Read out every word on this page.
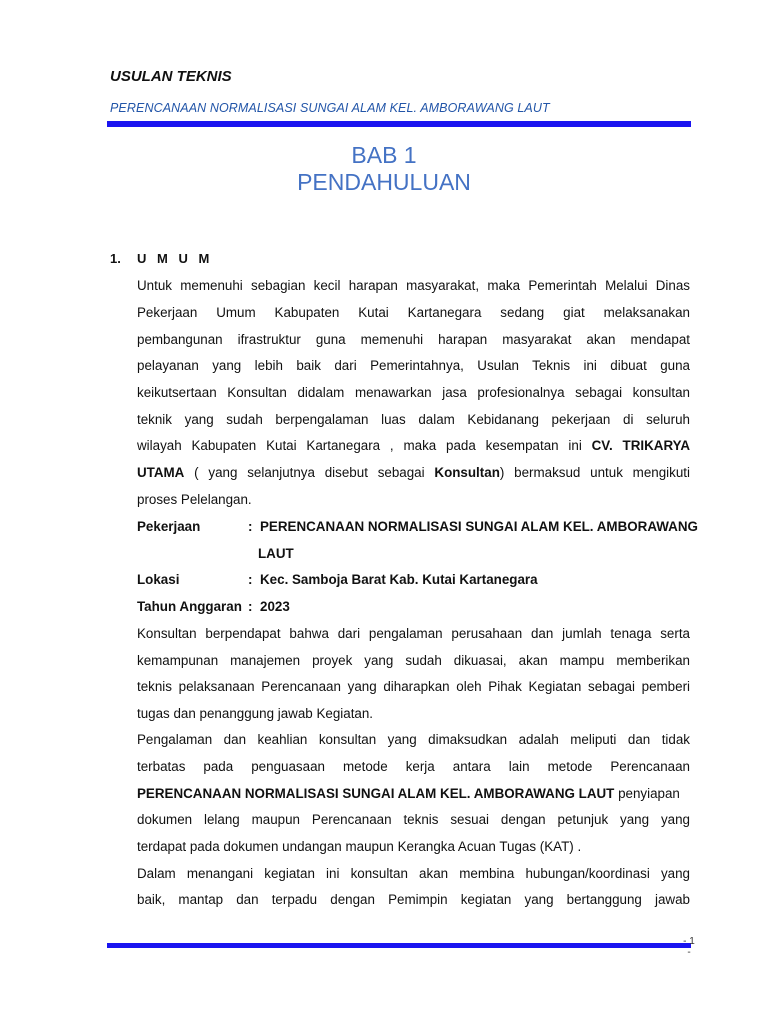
USULAN TEKNIS
PERENCANAAN NORMALISASI SUNGAI ALAM KEL. AMBORAWANG LAUT
BAB 1
PENDAHULUAN
1. U M U M
Untuk memenuhi sebagian kecil harapan masyarakat, maka Pemerintah Melalui Dinas
Pekerjaan Umum Kabupaten Kutai Kartanegara sedang giat melaksanakan
pembangunan ifrastruktur guna memenuhi harapan masyarakat akan mendapat
pelayanan yang lebih baik dari Pemerintahnya, Usulan Teknis ini dibuat guna
keikutsertaan Konsultan didalam menawarkan jasa profesionalnya sebagai konsultan
teknik yang sudah berpengalaman luas dalam Kebidanang pekerjaan di seluruh
wilayah Kabupaten Kutai Kartanegara , maka pada kesempatan ini CV. TRIKARYA
UTAMA ( yang selanjutnya disebut sebagai Konsultan) bermaksud untuk mengikuti
proses Pelelangan.
Pekerjaan	: PERENCANAAN NORMALISASI SUNGAI ALAM KEL. AMBORAWANG
LAUT
Lokasi	: Kec. Samboja Barat Kab. Kutai Kartanegara
Tahun Anggaran : 2023
Konsultan berpendapat bahwa dari pengalaman perusahaan dan jumlah tenaga serta
kemampunan manajemen proyek yang sudah dikuasai, akan mampu memberikan
teknis pelaksanaan Perencanaan yang diharapkan oleh Pihak Kegiatan sebagai pemberi
tugas dan penanggung jawab Kegiatan.
Pengalaman dan keahlian konsultan yang dimaksudkan adalah meliputi dan tidak
terbatas pada penguasaan metode kerja antara lain metode Perencanaan
PERENCANAAN NORMALISASI SUNGAI ALAM KEL. AMBORAWANG LAUT penyiapan
dokumen lelang maupun Perencanaan teknis sesuai dengan petunjuk yang yang
terdapat pada dokumen undangan maupun Kerangka Acuan Tugas (KAT) .
Dalam menangani kegiatan ini konsultan akan membina hubungan/koordinasi yang
baik, mantap dan terpadu dengan Pemimpin kegiatan yang bertanggung jawab
- 1 -
